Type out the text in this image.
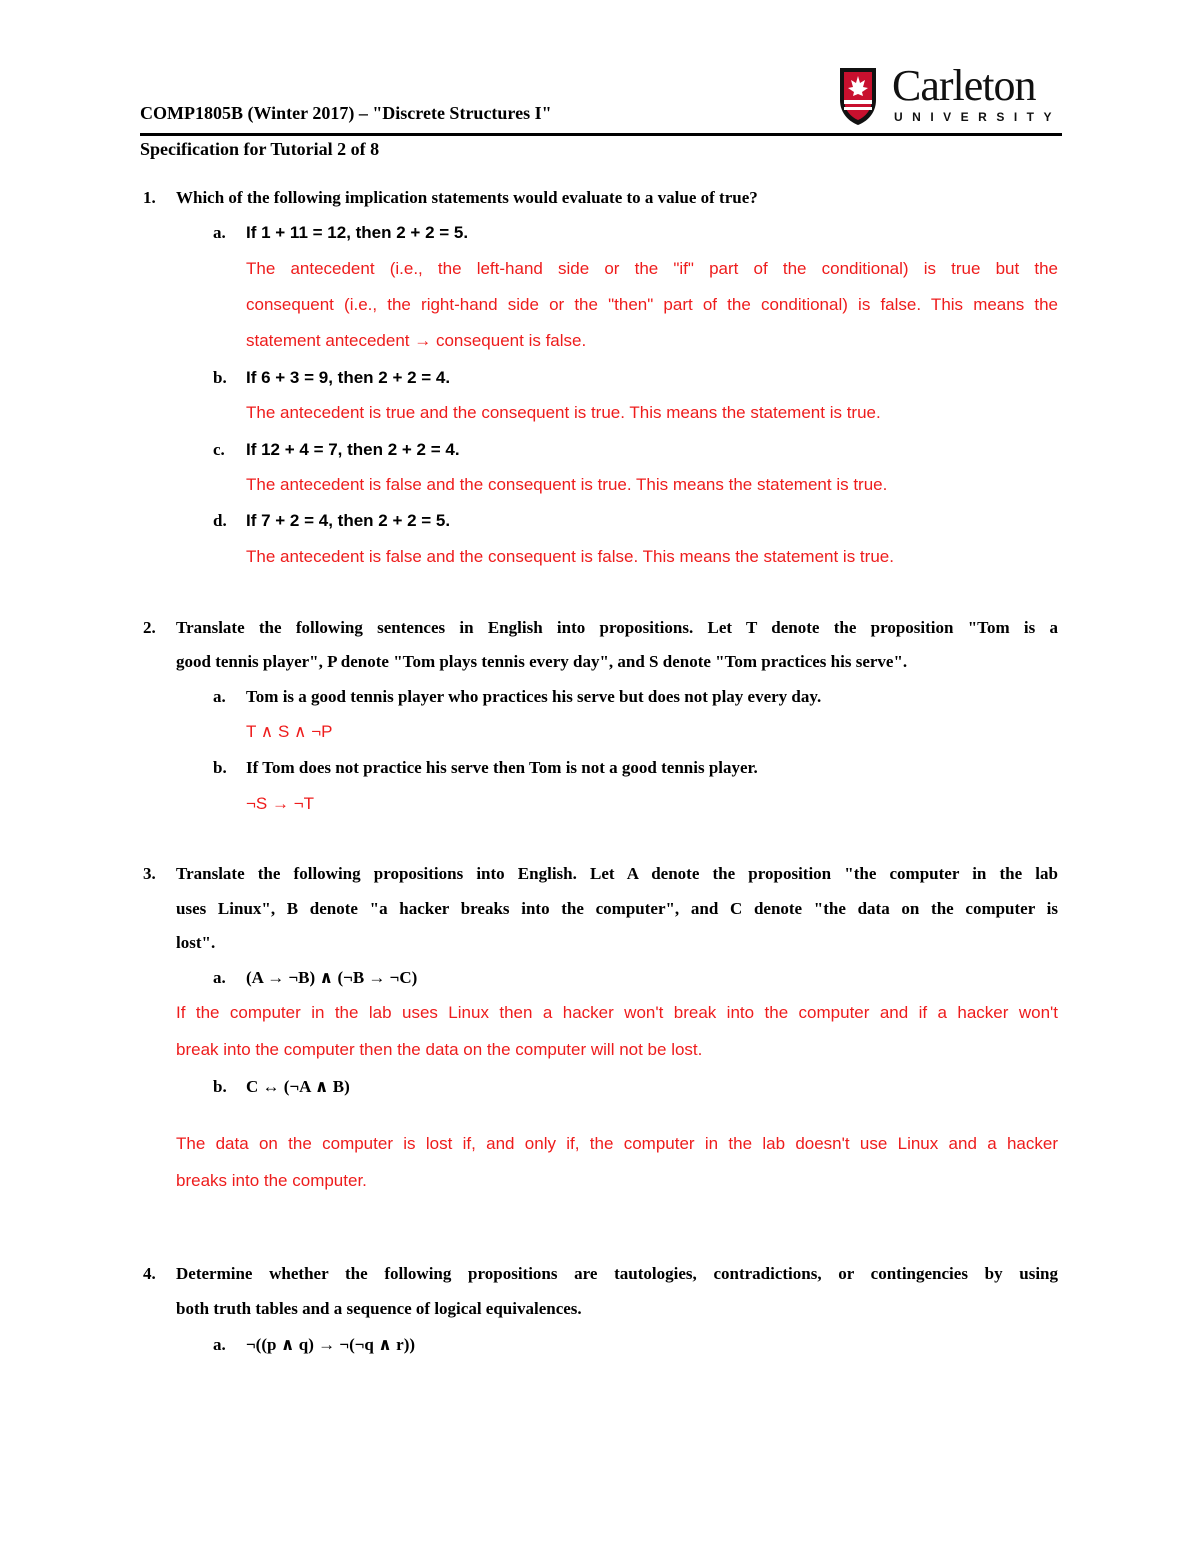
COMP1805B (Winter 2017) – "Discrete Structures I"
Carleton
UNIVERSITY
Specification for Tutorial 2 of 8
1. Which of the following implication statements would evaluate to a value of true?
a. If 1 + 11 = 12, then 2 + 2 = 5.
The antecedent (i.e., the left-hand side or the "if" part of the conditional) is true but the
consequent (i.e., the right-hand side or the "then" part of the conditional) is false. This means the
statement antecedent → consequent is false.
b. If 6 + 3 = 9, then 2 + 2 = 4.
The antecedent is true and the consequent is true. This means the statement is true.
c. If 12 + 4 = 7, then 2 + 2 = 4.
The antecedent is false and the consequent is true. This means the statement is true.
d. If 7 + 2 = 4, then 2 + 2 = 5.
The antecedent is false and the consequent is false. This means the statement is true.
2. Translate the following sentences in English into propositions. Let T denote the proposition "Tom is a
good tennis player", P denote "Tom plays tennis every day", and S denote "Tom practices his serve".
a. Tom is a good tennis player who practices his serve but does not play every day.
T ∧ S ∧ ¬P
b. If Tom does not practice his serve then Tom is not a good tennis player.
¬S → ¬T
3. Translate the following propositions into English. Let A denote the proposition "the computer in the lab
uses Linux", B denote "a hacker breaks into the computer", and C denote "the data on the computer is
lost".
a. (A → ¬B) ∧ (¬B → ¬C)
If the computer in the lab uses Linux then a hacker won't break into the computer and if a hacker won't
break into the computer then the data on the computer will not be lost.
b. C ↔ (¬A ∧ B)
The data on the computer is lost if, and only if, the computer in the lab doesn't use Linux and a hacker
breaks into the computer.
4. Determine whether the following propositions are tautologies, contradictions, or contingencies by using
both truth tables and a sequence of logical equivalences.
a. ¬((p ∧ q) → ¬(¬q ∧ r))
